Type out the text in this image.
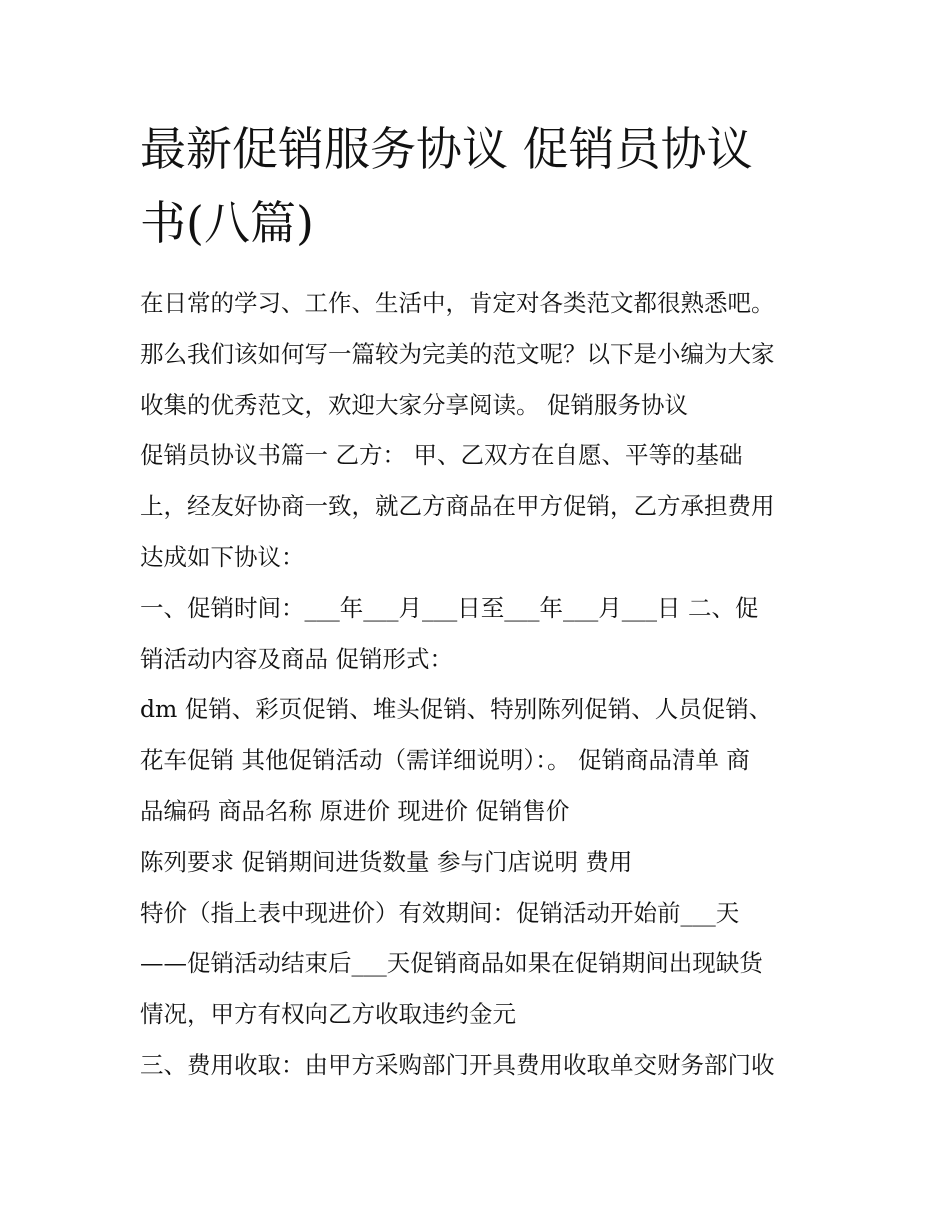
最新促销服务协议 促销员协议
书(八篇)
在日常的学习、工作、生活中，肯定对各类范文都很熟悉吧。
那么我们该如何写一篇较为完美的范文呢？以下是小编为大家
收集的优秀范文，欢迎大家分享阅读。 促销服务协议
促销员协议书篇一 乙方： 甲、乙双方在自愿、平等的基础
上，经友好协商一致，就乙方商品在甲方促销，乙方承担费用
达成如下协议：
一、促销时间：___年___月___日至___年___月___日 二、促
销活动内容及商品 促销形式：
dm 促销、彩页促销、堆头促销、特别陈列促销、人员促销、
花车促销 其他促销活动（需详细说明）：。 促销商品清单 商
品编码 商品名称 原进价 现进价 促销售价
陈列要求 促销期间进货数量 参与门店说明 费用
特价（指上表中现进价）有效期间：促销活动开始前___天
——促销活动结束后___天促销商品如果在促销期间出现缺货
情况，甲方有权向乙方收取违约金元
三、费用收取：由甲方采购部门开具费用收取单交财务部门收
